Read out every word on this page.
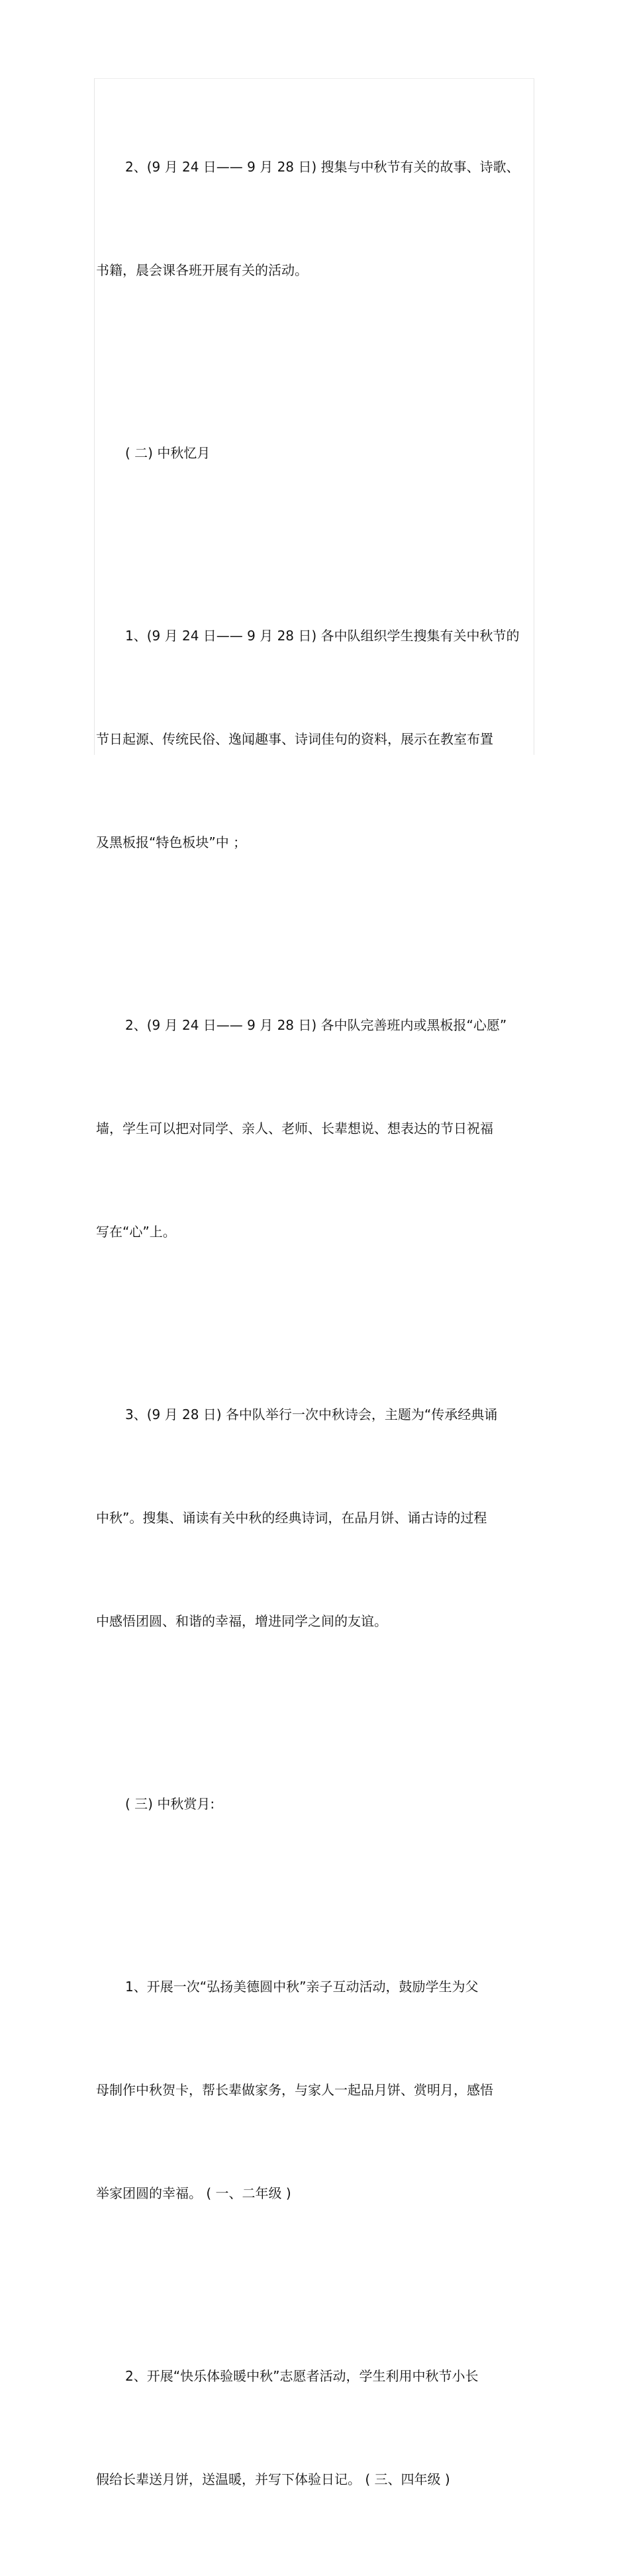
2、(9 月 24 日—— 9 月 28 日) 搜集与中秋节有关的故事、诗歌、

书籍，晨会课各班开展有关的活动。

( 二) 中秋忆月

1、(9 月 24 日—— 9 月 28 日) 各中队组织学生搜集有关中秋节的

节日起源、传统民俗、逸闻趣事、诗词佳句的资料，展示在教室布置

及黑板报“特色板块”中 ；

2、(9 月 24 日—— 9 月 28 日) 各中队完善班内或黑板报“心愿”

墙，学生可以把对同学、亲人、老师、长辈想说、想表达的节日祝福

写在“心”上。

3、(9 月 28 日) 各中队举行一次中秋诗会，主题为“传承经典诵

中秋”。搜集、诵读有关中秋的经典诗词，在品月饼、诵古诗的过程

中感悟团圆、和谐的幸福，增进同学之间的友谊。

( 三) 中秋赏月:

1、开展一次“弘扬美德圆中秋”亲子互动活动，鼓励学生为父

母制作中秋贺卡，帮长辈做家务，与家人一起品月饼、赏明月，感悟

举家团圆的幸福。 ( 一、二年级 )

2、开展“快乐体验暖中秋”志愿者活动，学生利用中秋节小长

假给长辈送月饼，送温暖，并写下体验日记。 ( 三、四年级 )
